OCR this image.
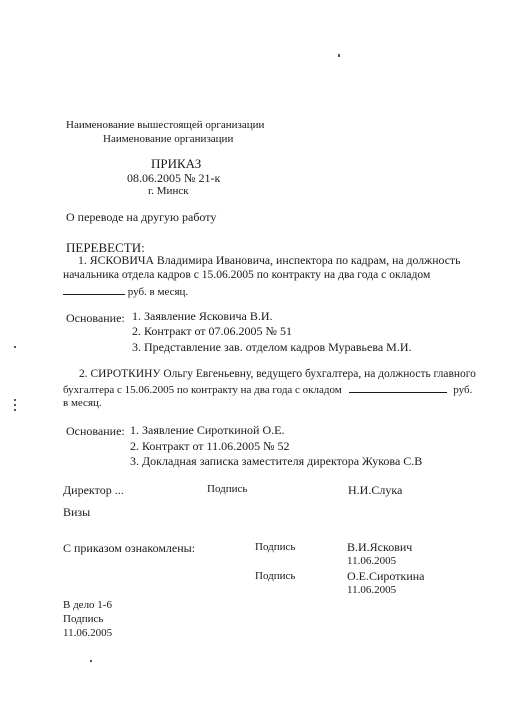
Наименование вышестоящей организации
Наименование организации
ПРИКАЗ
08.06.2005 № 21-к
г. Минск
О переводе на другую работу
ПЕРЕВЕСТИ:
1. ЯСКОВИЧА Владимира Ивановича, инспектора по кадрам, на должность
начальника отдела кадров с 15.06.2005 по контракту на два года с окладом
руб. в месяц.
Основание: 1. Заявление Ясковича В.И.
2. Контракт от 07.06.2005 № 51
3. Представление зав. отделом кадров Муравьева М.И.
2. СИРОТКИНУ Ольгу Евгеньевну, ведущего бухгалтера, на должность главного
бухгалтера с 15.06.2005 по контракту на два года с окладом	руб.
в месяц.
Основание: 1. Заявление Сироткиной О.Е.
2. Контракт от 11.06.2005 № 52
3. Докладная записка заместителя директора Жукова С.В
Директор ...	Подпись	Н.И.Слука
Визы
С приказом ознакомлены:	Подпись	В.И.Яскович
11.06.2005
Подпись	О.Е.Сироткина
11.06.2005
В дело 1-6
Подпись
11.06.2005
